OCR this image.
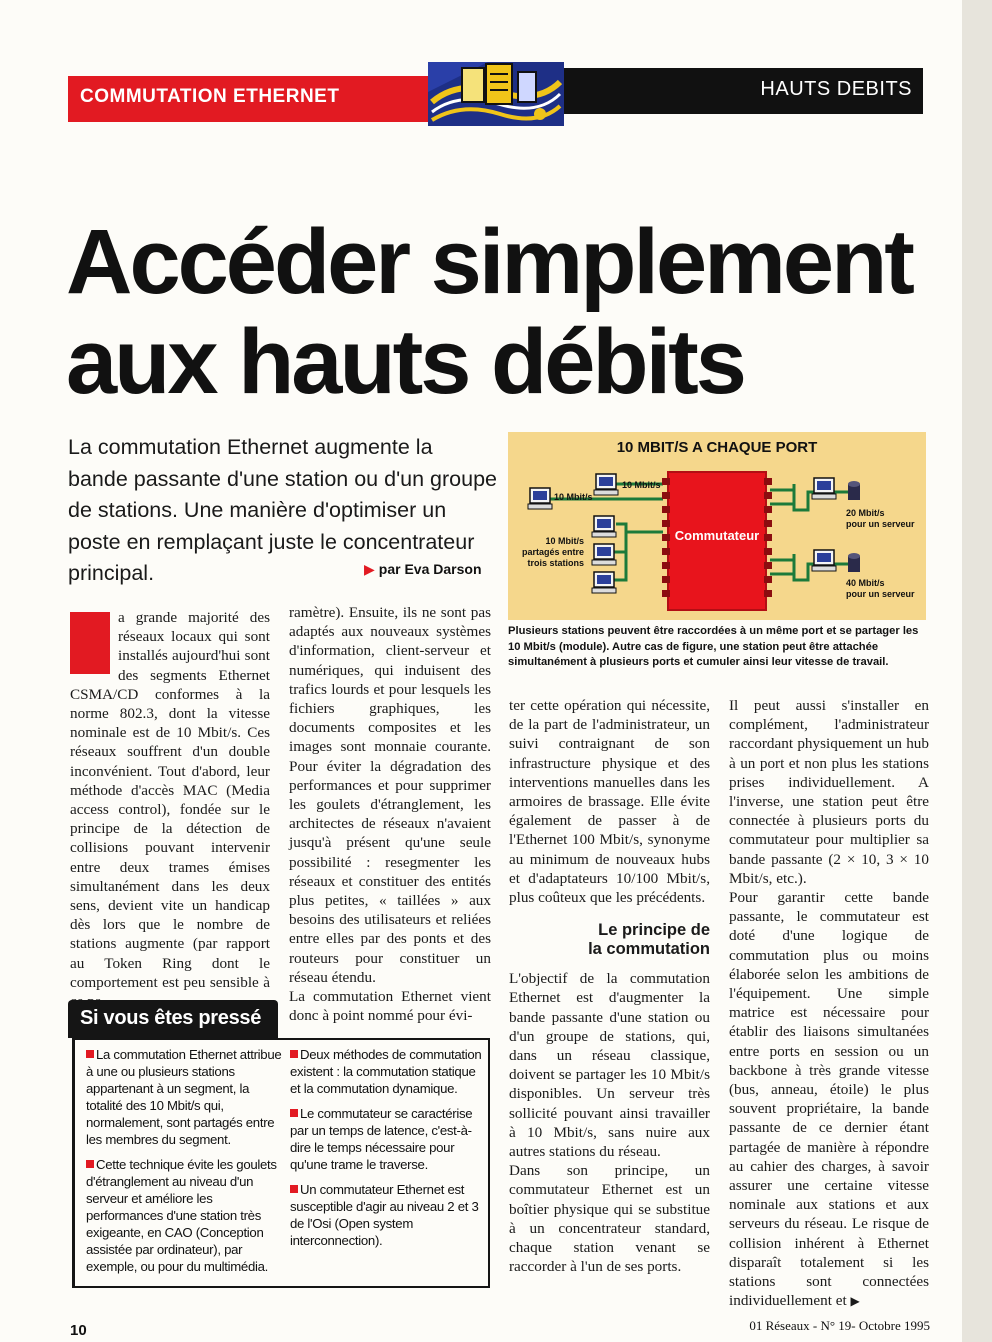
COMMUTATION ETHERNET	HAUTS DEBITS
Accéder simplement
aux hauts débits

La commutation Ethernet augmente la bande passante d'une station ou d'un groupe de stations. Une manière d'optimiser un poste en remplaçant juste le concentrateur principal.	▶ par Eva Darson
10 MBIT/S A CHAQUE PORT
Commutateur
10 Mbit/s
10 Mbit/s
10 Mbit/s
partagés entre
trois stations
20 Mbit/s
pour un serveur
40 Mbit/s
pour un serveur

Plusieurs stations peuvent être raccordées à un même port et se partager les 10 Mbit/s (module). Autre cas de figure, une station peut être attachée simultanément à plusieurs ports et cumuler ainsi leur vitesse de travail.

a grande majorité des réseaux locaux qui sont installés aujourd'hui sont des segments Ethernet CSMA/CD conformes à la norme 802.3, dont la vitesse nominale est de 10 Mbit/s. Ces réseaux souffrent d'un double inconvénient. Tout d'abord, leur méthode d'accès MAC (Media access control), fondée sur le principe de la détection de collisions pouvant intervenir entre deux trames émises simultanément dans les deux sens, devient vite un handicap dès lors que le nombre de stations augmente (par rapport au Token Ring dont le comportement est peu sensible à

ramètre). Ensuite, ils ne sont pas adaptés aux nouveaux systèmes d'information, client-serveur et numériques, qui induisent des trafics lourds et pour lesquels les fichiers graphiques, les documents composites et les images sont monnaie courante. Pour éviter la dégradation des performances et pour supprimer les goulets d'étranglement, les architectes de réseaux n'avaient jusqu'à présent qu'une seule possibilité : resegmenter les réseaux et constituer des entités plus petites, « taillées » aux besoins des utilisateurs et reliées entre elles par des ponts et des routeurs pour constituer un réseau étendu.

La commutation Ethernet vient donc à point nommé pour évi-

ter cette opération qui nécessite, de la part de l'administrateur, un suivi contraignant de son infrastructure physique et des interventions manuelles dans les armoires de brassage. Elle évite également de passer à de l'Ethernet 100 Mbit/s, synonyme au minimum de nouveaux hubs et d'adaptateurs 10/100 Mbit/s, plus coûteux que les précédents.

Le principe de
la commutation

L'objectif de la commutation Ethernet est d'augmenter la bande passante d'une station ou d'un groupe de stations, qui, dans un réseau classique, doivent se partager les 10 Mbit/s disponibles. Un serveur très sollicité pouvant ainsi travailler à 10 Mbit/s, sans nuire aux autres stations du réseau.

Dans son principe, un commutateur Ethernet est un boîtier physique qui se substitue à un concentrateur standard, chaque station venant se raccorder à l'un de ses ports.

Il peut aussi s'installer en complément, l'administrateur raccordant physiquement un hub à un port et non plus les stations prises individuellement. A l'inverse, une station peut être connectée à plusieurs ports du commutateur pour multiplier sa bande passante (2 × 10, 3 × 10 Mbit/s, etc.).

Pour garantir cette bande passante, le commutateur est doté d'une logique de commutation plus ou moins élaborée selon les ambitions de l'équipement. Une simple matrice est nécessaire pour établir des liaisons simultanées entre ports en session ou un backbone à très grande vitesse (bus, anneau, étoile) le plus souvent propriétaire, la bande passante de ce dernier étant partagée de manière à répondre au cahier des charges, à savoir assurer une certaine vitesse nominale aux stations et aux serveurs du réseau. Le risque de collision inhérent à Ethernet disparaît totalement si les stations sont connectées individuellement et ▶

Si vous êtes pressé

La commutation Ethernet attribue à une ou plusieurs stations appartenant à un segment, la totalité des 10 Mbit/s qui, normalement, sont partagés entre les membres du segment.

Cette technique évite les goulets d'étranglement au niveau d'un serveur et améliore les performances d'une station très exigeante, en CAO (Conception assistée par ordinateur), par exemple, ou pour du multimédia.

Deux méthodes de commutation existent : la commutation statique et la commutation dynamique.

Le commutateur se caractérise par un temps de latence, c'est-à-dire le temps nécessaire pour qu'une trame le traverse.

Un commutateur Ethernet est susceptible d'agir au niveau 2 et 3 de l'Osi (Open system interconnection).

10	01 Réseaux - N° 19- Octobre 1995
